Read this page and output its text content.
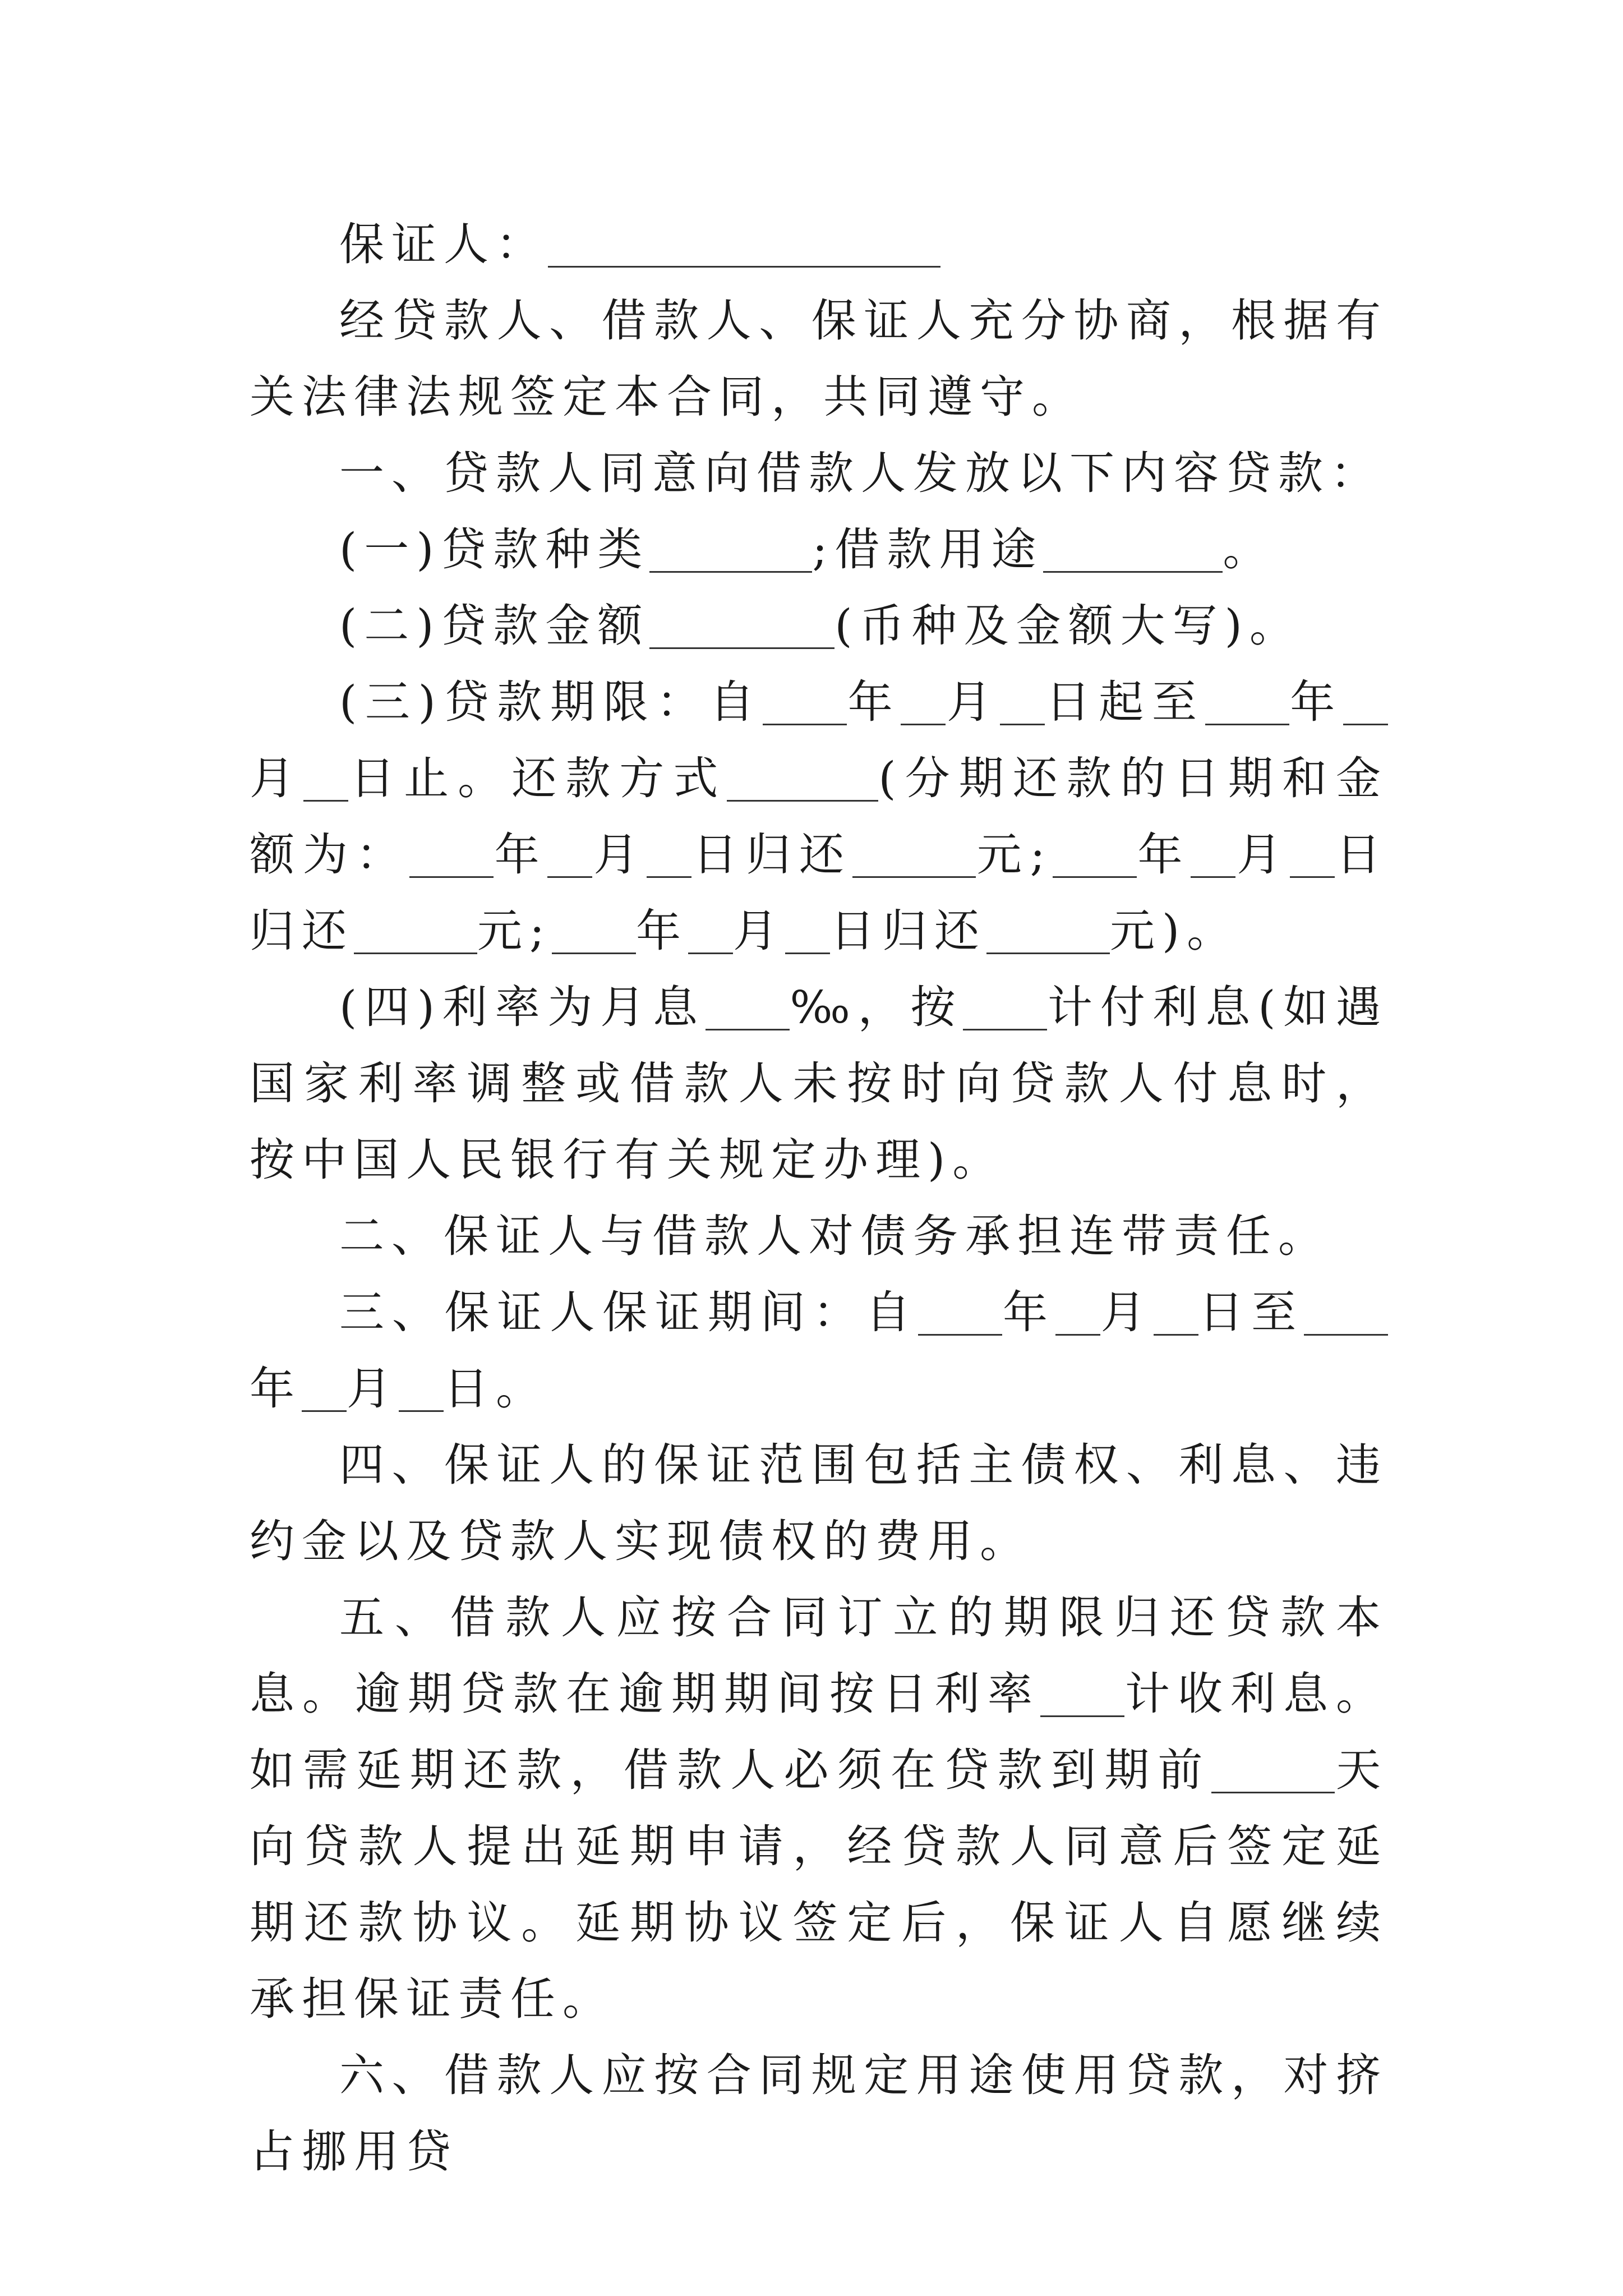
保证人：

经贷款人、借款人、保证人充分协商，根据有关法律法规签定本合同，共同遵守。

一、贷款人同意向借款人发放以下内容贷款：

(一)贷款种类	;借款用途	。

(二)贷款金额	(币种及金额大写)。

(三)贷款期限：自 年 月 日起至 年月 日止。还款方式	(分期还款的日期和金额为： 年 月 日归还	元; 年 月 日归还	元; 年 月 日归还	元)。

(四)利率为月息 ‰，按 计付利息(如遇国家利率调整或借款人未按时向贷款人付息时，按中国人民银行有关规定办理)。

二、保证人与借款人对债务承担连带责任。

三、保证人保证期间：自 年 月 日至年 月 日。

四、保证人的保证范围包括主债权、利息、违约金以及贷款人实现债权的费用。

五、借款人应按合同订立的期限归还贷款本息。逾期贷款在逾期期间按日利率 计收利息。如需延期还款，借款人必须在贷款到期前	天向贷款人提出延期申请，经贷款人同意后签定延期还款协议。延期协议签定后，保证人自愿继续承担保证责任。

六、借款人应按合同规定用途使用贷款，对挤占挪用贷
